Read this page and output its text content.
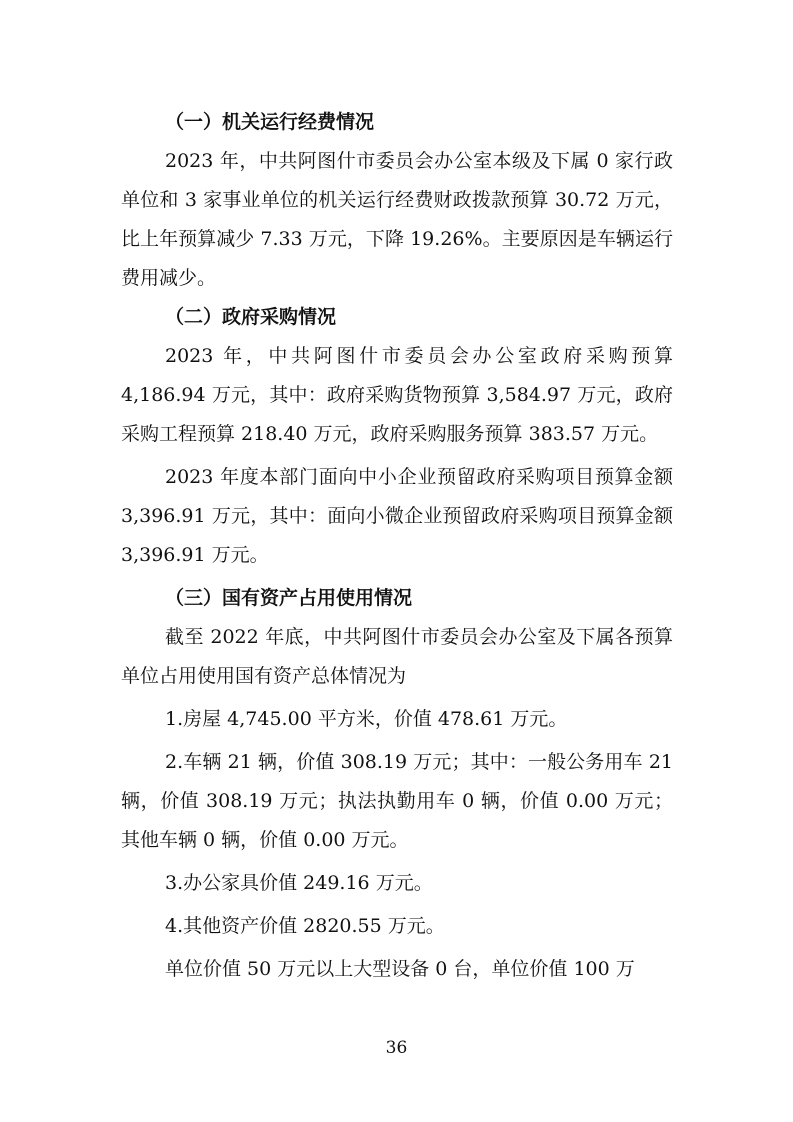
（一）机关运行经费情况

2023 年，中共阿图什市委员会办公室本级及下属 0 家行政单位和 3 家事业单位的机关运行经费财政拨款预算 30.72 万元，比上年预算减少 7.33 万元，下降 19.26%。主要原因是车辆运行费用减少。

（二）政府采购情况

2023 年，中共阿图什市委员会办公室政府采购预算 4,186.94 万元，其中：政府采购货物预算 3,584.97 万元，政府采购工程预算 218.40 万元，政府采购服务预算 383.57 万元。

2023 年度本部门面向中小企业预留政府采购项目预算金额 3,396.91 万元，其中：面向小微企业预留政府采购项目预算金额 3,396.91 万元。

（三）国有资产占用使用情况

截至 2022 年底，中共阿图什市委员会办公室及下属各预算单位占用使用国有资产总体情况为

1.房屋 4,745.00 平方米，价值 478.61 万元。

2.车辆 21 辆，价值 308.19 万元；其中：一般公务用车 21 辆，价值 308.19 万元；执法执勤用车 0 辆，价值 0.00 万元；其他车辆 0 辆，价值 0.00 万元。

3.办公家具价值 249.16 万元。

4.其他资产价值 2820.55 万元。

单位价值 50 万元以上大型设备 0 台，单位价值 100 万

36
